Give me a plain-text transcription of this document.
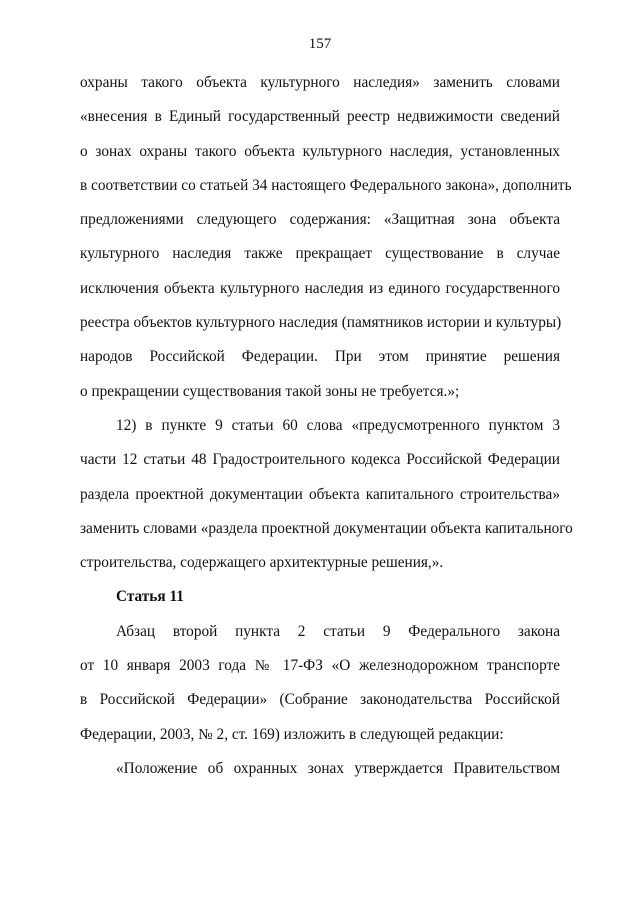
157
охраны такого объекта культурного наследия» заменить словами
«внесения в Единый государственный реестр недвижимости сведений
о зонах охраны такого объекта культурного наследия, установленных
в соответствии со статьей 34 настоящего Федерального закона», дополнить
предложениями следующего содержания: «Защитная зона объекта
культурного наследия также прекращает существование в случае
исключения объекта культурного наследия из единого государственного
реестра объектов культурного наследия (памятников истории и культуры)
народов Российской Федерации. При этом принятие решения
о прекращении существования такой зоны не требуется.»;
12) в пункте 9 статьи 60 слова «предусмотренного пунктом 3
части 12 статьи 48 Градостроительного кодекса Российской Федерации
раздела проектной документации объекта капитального строительства»
заменить словами «раздела проектной документации объекта капитального
строительства, содержащего архитектурные решения,».
Статья 11
Абзац второй пункта 2 статьи 9 Федерального закона
от 10 января 2003 года № 17-ФЗ «О железнодорожном транспорте
в Российской Федерации» (Собрание законодательства Российской
Федерации, 2003, № 2, ст. 169) изложить в следующей редакции:
«Положение об охранных зонах утверждается Правительством
